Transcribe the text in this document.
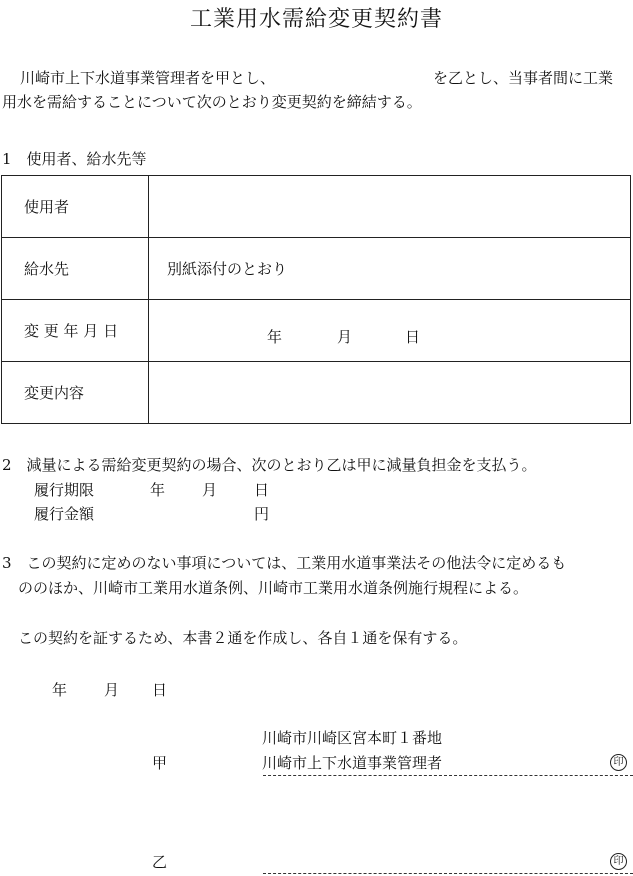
工業用水需給変更契約書
川崎市上下水道事業管理者を甲とし、	を乙とし、当事者間に工業
用水を需給することについて次のとおり変更契約を締結する。
1　使用者、給水先等
使用者	
給水先	別紙添付のとおり
変 更 年 月 日	年 月 日

変更内容	
2　減量による需給変更契約の場合、次のとおり乙は甲に減量負担金を支払う。
履行期限	年 月 日
履行金額	円
3　この契約に定めのない事項については、工業用水道事業法その他法令に定めるも
ののほか、川崎市工業用水道条例、川崎市工業用水道条例施行規程による。
この契約を証するため、本書２通を作成し、各自１通を保有する。
年 月 日
川崎市川崎区宮本町１番地
甲	川崎市上下水道事業管理者	印
乙	印
